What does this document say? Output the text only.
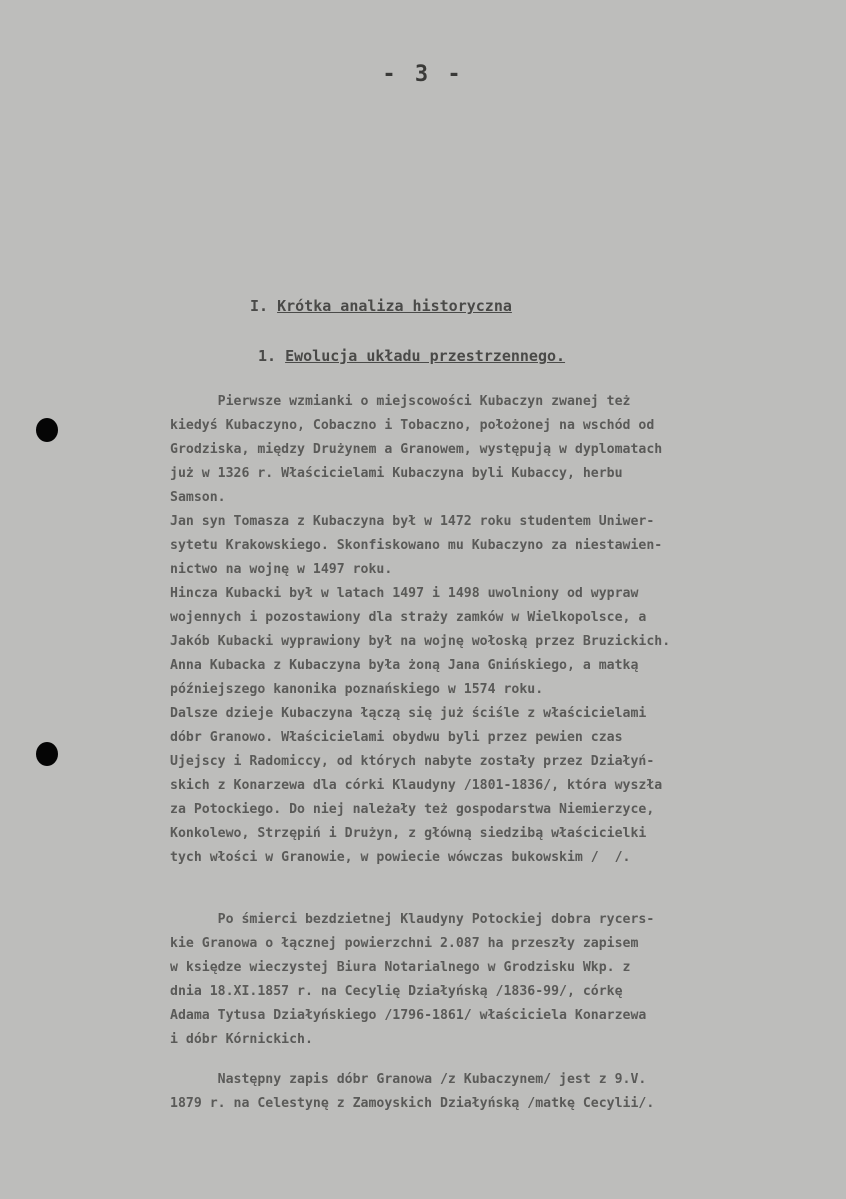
- 3 -
I. Krótka analiza historyczna
1. Ewolucja układu przestrzennego.
Pierwsze wzmianki o miejscowości Kubaczyn zwanej też
kiedyś Kubaczyno, Cobaczno i Tobaczno, położonej na wschód od
Grodziska, między Drużynem a Granowem, występują w dyplomatach
już w 1326 r. Właścicielami Kubaczyna byli Kubaccy, herbu
Samson.
Jan syn Tomasza z Kubaczyna był w 1472 roku studentem Uniwer-
sytetu Krakowskiego. Skonfiskowano mu Kubaczyno za niestawien-
nictwo na wojnę w 1497 roku.
Hincza Kubacki był w latach 1497 i 1498 uwolniony od wypraw
wojennych i pozostawiony dla straży zamków w Wielkopolsce, a
Jakób Kubacki wyprawiony był na wojnę wołoską przez Bruzickich.
Anna Kubacka z Kubaczyna była żoną Jana Gnińskiego, a matką
późniejszego kanonika poznańskiego w 1574 roku.
Dalsze dzieje Kubaczyna łączą się już ściśle z właścicielami
dóbr Granowo. Właścicielami obydwu byli przez pewien czas
Ujejscy i Radomiccy, od których nabyte zostały przez Działyń-
skich z Konarzewa dla córki Klaudyny /1801-1836/, która wyszła
za Potockiego. Do niej należały też gospodarstwa Niemierzyce,
Konkolewo, Strzępiń i Drużyn, z główną siedzibą właścicielki
tych włości w Granowie, w powiecie wówczas bukowskim /  /.
Po śmierci bezdzietnej Klaudyny Potockiej dobra rycers-
kie Granowa o łącznej powierzchni 2.087 ha przeszły zapisem
w księdze wieczystej Biura Notarialnego w Grodzisku Wkp. z
dnia 18.XI.1857 r. na Cecylię Działyńską /1836-99/, córkę
Adama Tytusa Działyńskiego /1796-1861/ właściciela Konarzewa
i dóbr Kórnickich.
Następny zapis dóbr Granowa /z Kubaczynem/ jest z 9.V.
1879 r. na Celestynę z Zamoyskich Działyńską /matkę Cecylii/.
